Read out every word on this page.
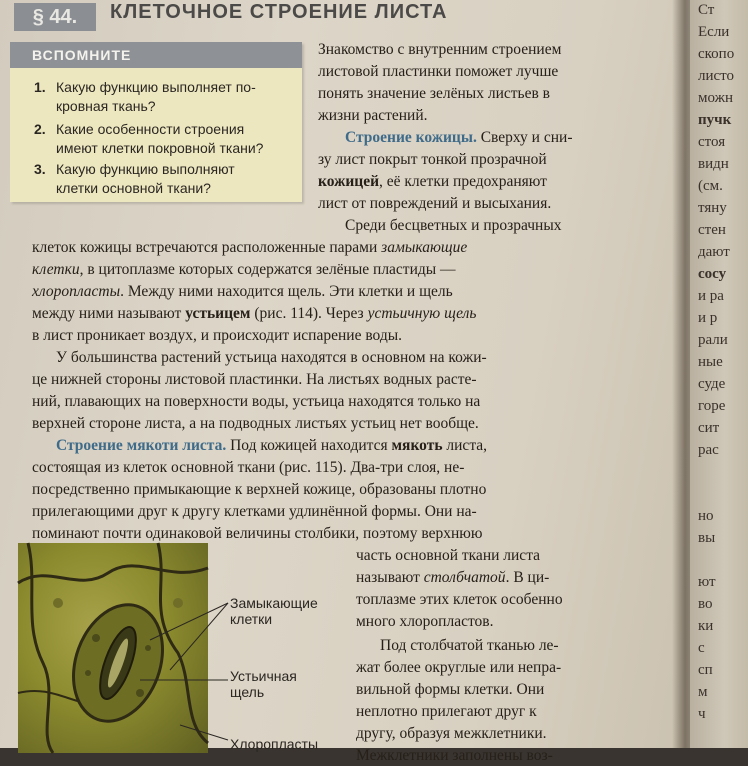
§ 44.	КЛЕТОЧНОЕ СТРОЕНИЕ ЛИСТА
ВСПОМНИТЕ
1. Какую функцию выполняет по-
кровная ткань?
2. Какие особенности строения
имеют клетки покровной ткани?
3. Какую функцию выполняют
клетки основной ткани?
Знакомство с внутренним строением
листовой пластинки поможет лучше
понять значение зелёных листьев в
жизни растений.
Строение кожицы. Сверху и сни-
зу лист покрыт тонкой прозрачной
кожицей, её клетки предохраняют
лист от повреждений и высыхания.
Среди бесцветных и прозрачных
клеток кожицы встречаются расположенные парами замыкающие
клетки, в цитоплазме которых содержатся зелёные пластиды —
хлоропласты. Между ними находится щель. Эти клетки и щель
между ними называют устьицем (рис. 114). Через устьичную щель
в лист проникает воздух, и происходит испарение воды.
У большинства растений устьица находятся в основном на кожи-
це нижней стороны листовой пластинки. На листьях водных расте-
ний, плавающих на поверхности воды, устьица находятся только на
верхней стороне листа, а на подводных листьях устьиц нет вообще.
Строение мякоти листа. Под кожицей находится мякоть листа,
состоящая из клеток основной ткани (рис. 115). Два-три слоя, не-
посредственно примыкающие к верхней кожице, образованы плотно
прилегающими друг к другу клетками удлинённой формы. Они на-
поминают почти одинаковой величины столбики, поэтому верхнюю
часть основной ткани листа
называют столбчатой. В ци-
топлазме этих клеток особенно
много хлоропластов.
Под столбчатой тканью ле-
жат более округлые или непра-
вильной формы клетки. Они
неплотно прилегают друг к
другу, образуя межклетники.
Межклетники заполнены воз-
Замыкающие
клетки
Устьичная
щель
Хлоропласты
Ст
Если
скопо
листо
можн
пучк
стоя
видн
(см.
тяну
стен
дают
сосу
и ра
и р
рали
ные
суде
горе
сит
рас
но
вы
ют
во
ки
с
сп
м
ч
